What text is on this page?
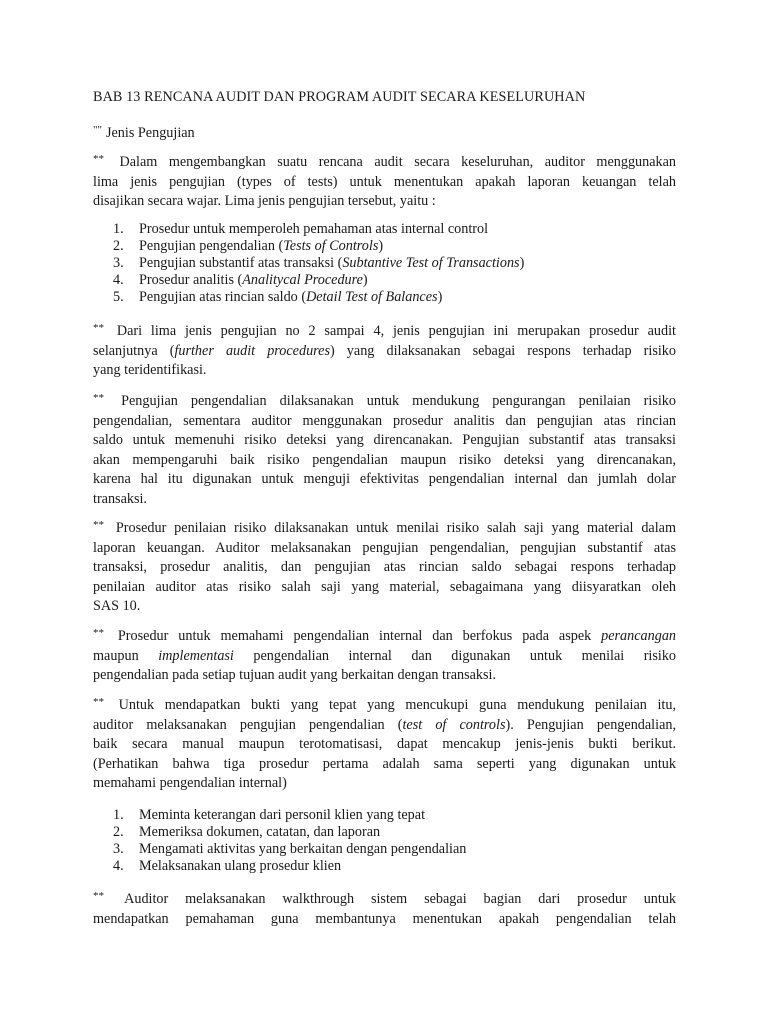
BAB 13 RENCANA AUDIT DAN PROGRAM AUDIT SECARA KESELURUHAN
"" Jenis Pengujian
** Dalam mengembangkan suatu rencana audit secara keseluruhan, auditor menggunakan
lima jenis pengujian (types of tests) untuk menentukan apakah laporan keuangan telah
disajikan secara wajar. Lima jenis pengujian tersebut, yaitu :
1. Prosedur untuk memperoleh pemahaman atas internal control
2. Pengujian pengendalian (Tests of Controls)
3. Pengujian substantif atas transaksi (Subtantive Test of Transactions)
4. Prosedur analitis (Analitycal Procedure)
5. Pengujian atas rincian saldo (Detail Test of Balances)
** Dari lima jenis pengujian no 2 sampai 4, jenis pengujian ini merupakan prosedur audit
selanjutnya (further audit procedures) yang dilaksanakan sebagai respons terhadap risiko
yang teridentifikasi.
** Pengujian pengendalian dilaksanakan untuk mendukung pengurangan penilaian risiko
pengendalian, sementara auditor menggunakan prosedur analitis dan pengujian atas rincian
saldo untuk memenuhi risiko deteksi yang direncanakan. Pengujian substantif atas transaksi
akan mempengaruhi baik risiko pengendalian maupun risiko deteksi yang direncanakan,
karena hal itu digunakan untuk menguji efektivitas pengendalian internal dan jumlah dolar
transaksi.
** Prosedur penilaian risiko dilaksanakan untuk menilai risiko salah saji yang material dalam
laporan keuangan. Auditor melaksanakan pengujian pengendalian, pengujian substantif atas
transaksi, prosedur analitis, dan pengujian atas rincian saldo sebagai respons terhadap
penilaian auditor atas risiko salah saji yang material, sebagaimana yang diisyaratkan oleh
SAS 10.
** Prosedur untuk memahami pengendalian internal dan berfokus pada aspek perancangan
maupun implementasi pengendalian internal dan digunakan untuk menilai risiko
pengendalian pada setiap tujuan audit yang berkaitan dengan transaksi.
** Untuk mendapatkan bukti yang tepat yang mencukupi guna mendukung penilaian itu,
auditor melaksanakan pengujian pengendalian (test of controls). Pengujian pengendalian,
baik secara manual maupun terotomatisasi, dapat mencakup jenis-jenis bukti berikut.
(Perhatikan bahwa tiga prosedur pertama adalah sama seperti yang digunakan untuk
memahami pengendalian internal)
1. Meminta keterangan dari personil klien yang tepat
2. Memeriksa dokumen, catatan, dan laporan
3. Mengamati aktivitas yang berkaitan dengan pengendalian
4. Melaksanakan ulang prosedur klien
** Auditor melaksanakan walkthrough sistem sebagai bagian dari prosedur untuk
mendapatkan pemahaman guna membantunya menentukan apakah pengendalian telah
